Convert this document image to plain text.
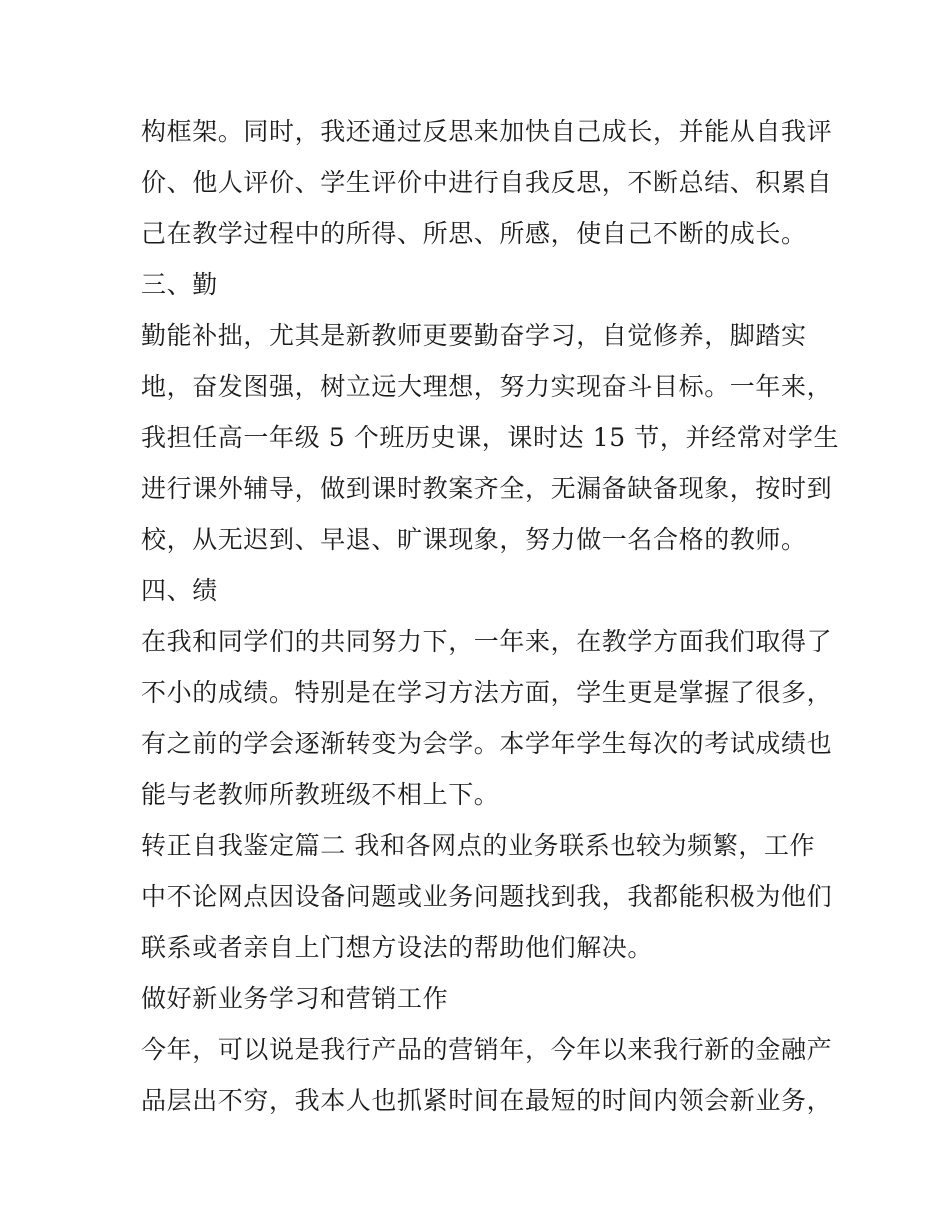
构框架。同时，我还通过反思来加快自己成长，并能从自我评
价、他人评价、学生评价中进行自我反思，不断总结、积累自
己在教学过程中的所得、所思、所感，使自己不断的成长。
三、勤
勤能补拙，尤其是新教师更要勤奋学习，自觉修养，脚踏实
地，奋发图强，树立远大理想，努力实现奋斗目标。一年来，
我担任高一年级 5 个班历史课，课时达 15 节，并经常对学生
进行课外辅导，做到课时教案齐全，无漏备缺备现象，按时到
校，从无迟到、早退、旷课现象，努力做一名合格的教师。
四、绩
在我和同学们的共同努力下，一年来，在教学方面我们取得了
不小的成绩。特别是在学习方法方面，学生更是掌握了很多，
有之前的学会逐渐转变为会学。本学年学生每次的考试成绩也
能与老教师所教班级不相上下。
转正自我鉴定篇二 我和各网点的业务联系也较为频繁，工作
中不论网点因设备问题或业务问题找到我，我都能积极为他们
联系或者亲自上门想方设法的帮助他们解决。
做好新业务学习和营销工作
今年，可以说是我行产品的营销年，今年以来我行新的金融产
品层出不穷，我本人也抓紧时间在最短的时间内领会新业务，
